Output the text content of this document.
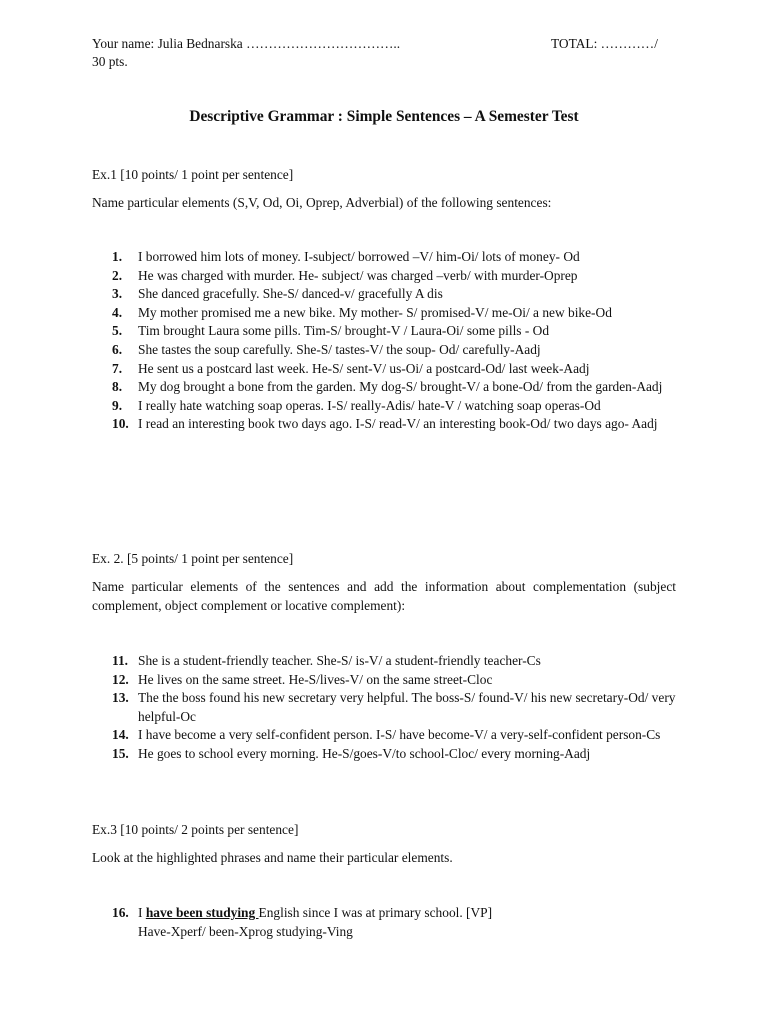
Your name: Julia Bednarska ……………………………..	TOTAL: …………/
30 pts.
Descriptive Grammar : Simple Sentences – A Semester Test
Ex.1 [10 points/ 1 point per sentence]
Name particular elements (S,V, Od, Oi, Oprep, Adverbial) of the following sentences:
1.	I borrowed him lots of money. I-subject/ borrowed –V/ him-Oi/ lots of money- Od
2.	He was charged with murder. He- subject/ was charged –verb/ with murder-Oprep
3.	She danced gracefully. She-S/ danced-v/ gracefully A dis
4.	My mother promised me a new bike. My mother- S/ promised-V/ me-Oi/ a new bike-Od
5.	Tim brought Laura some pills. Tim-S/ brought-V / Laura-Oi/ some pills - Od
6.	She tastes the soup carefully. She-S/ tastes-V/ the soup- Od/ carefully-Aadj
7.	He sent us a postcard last week. He-S/ sent-V/ us-Oi/ a postcard-Od/ last week-Aadj
8.	My dog brought a bone from the garden. My dog-S/ brought-V/ a bone-Od/ from the garden-Aadj
9.	I really hate watching soap operas. I-S/ really-Adis/ hate-V / watching soap operas-Od
10. I read an interesting book two days ago. I-S/ read-V/ an interesting book-Od/ two days ago- Aadj
Ex. 2. [5 points/ 1 point per sentence]
Name particular elements of the sentences and add the information about complementation (subject complement, object complement or locative complement):
11. She is a student-friendly teacher. She-S/ is-V/ a student-friendly teacher-Cs
12. He lives on the same street. He-S/lives-V/ on the same street-Cloc
13. The the boss found his new secretary very helpful. The boss-S/ found-V/ his new secretary-Od/ very helpful-Oc
14. I have become a very self-confident person. I-S/ have become-V/ a very-self-confident person-Cs
15. He goes to school every morning. He-S/goes-V/to school-Cloc/ every morning-Aadj
Ex.3 [10 points/ 2 points per sentence]
Look at the highlighted phrases and name their particular elements.
16. I have been studying English since I was at primary school. [VP]
Have-Xperf/ been-Xprog studying-Ving
